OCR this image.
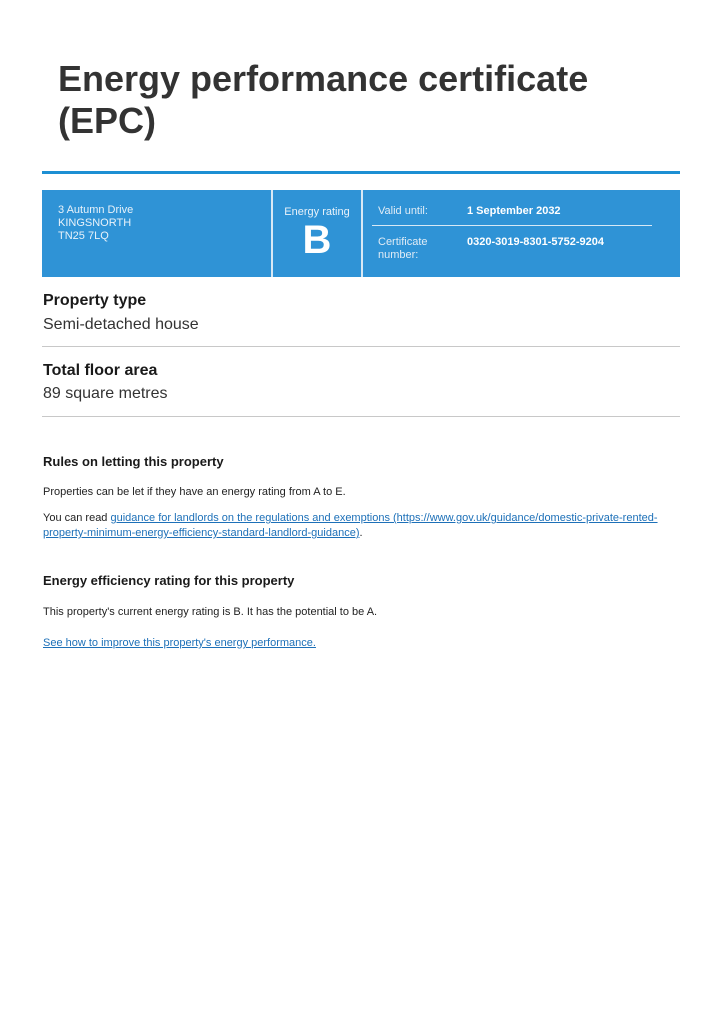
Energy performance certificate (EPC)
3 Autumn Drive
KINGSNORTH
TN25 7LQ
Energy rating
B
Valid until:	1 September 2032
Certificate
number:
0320-3019-8301-5752-9204
Property type
Semi-detached house
Total floor area
89 square metres
Rules on letting this property
Properties can be let if they have an energy rating from A to E.
You can read guidance for landlords on the regulations and exemptions (https://www.gov.uk/guidance/domestic-private-rented-
property-minimum-energy-efficiency-standard-landlord-guidance).
Energy efficiency rating for this property
This property's current energy rating is B. It has the potential to be A.
See how to improve this property's energy performance.
